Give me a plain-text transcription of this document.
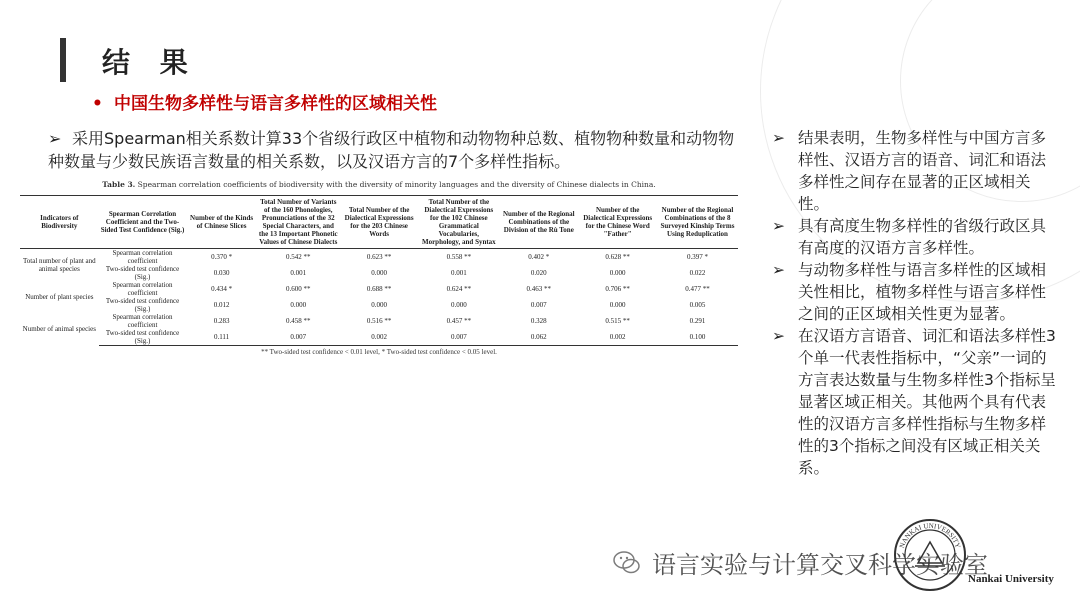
结 果
• 中国生物多样性与语言多样性的区域相关性
➢ 采用Spearman相关系数计算33个省级行政区中植物和动物物种总数、植物物种数量和动物物种数量与少数民族语言数量的相关系数，以及汉语方言的7个多样性指标。
Table 3. Spearman correlation coefficients of biodiversity with the diversity of minority languages and the diversity of Chinese dialects in China.
Indicators of Biodiversity	Spearman Correlation Coefficient and the Two-Sided Test Confidence (Sig.)	Number of the Kinds of Chinese Slices	Total Number of Variants of the 160 Phonologies, Pronunciations of the 32 Special Characters, and the 13 Important Phonetic Values of Chinese Dialects	Total Number of the Dialectical Expressions for the 203 Chinese Words	Total Number of the Dialectical Expressions for the 102 Chinese Grammatical Vocabularies, Morphology, and Syntax	Number of the Regional Combinations of the Division of the Rù Tone	Number of the Dialectical Expressions for the Chinese Word "Father"	Number of the Regional Combinations of the 8 Surveyed Kinship Terms Using Reduplication
Total number of plant and animal species	Spearman correlation coefficient	0.370 *	0.542 **	0.623 **	0.558 **	0.402 *	0.628 **	0.397 *
	Two-sided test confidence (Sig.)	0.030	0.001	0.000	0.001	0.020	0.000	0.022
Number of plant species	Spearman correlation coefficient	0.434 *	0.600 **	0.688 **	0.624 **	0.463 **	0.706 **	0.477 **
	Two-sided test confidence (Sig.)	0.012	0.000	0.000	0.000	0.007	0.000	0.005
Number of animal species	Spearman correlation coefficient	0.283	0.458 **	0.516 **	0.457 **	0.328	0.515 **	0.291
	Two-sided test confidence (Sig.)	0.111	0.007	0.002	0.007	0.062	0.002	0.100
** Two-sided test confidence < 0.01 level, * Two-sided test confidence < 0.05 level.
➢ 结果表明，生物多样性与中国方言多样性、汉语方言的语音、词汇和语法多样性之间存在显著的正区域相关性。
➢ 具有高度生物多样性的省级行政区具有高度的汉语方言多样性。
➢ 与动物多样性与语言多样性的区域相关性相比，植物多样性与语言多样性之间的正区域相关性更为显著。
➢ 在汉语方言语音、词汇和语法多样性3个单一代表性指标中，“父亲”一词的方言表达数量与生物多样性3个指标呈显著区域正相关。其他两个具有代表性的汉语方言多样性指标与生物多样性的3个指标之间没有区域正相关关系。
语言实验与计算交叉科学实验室
NANKAI UNIVERSITY
Nankai University
